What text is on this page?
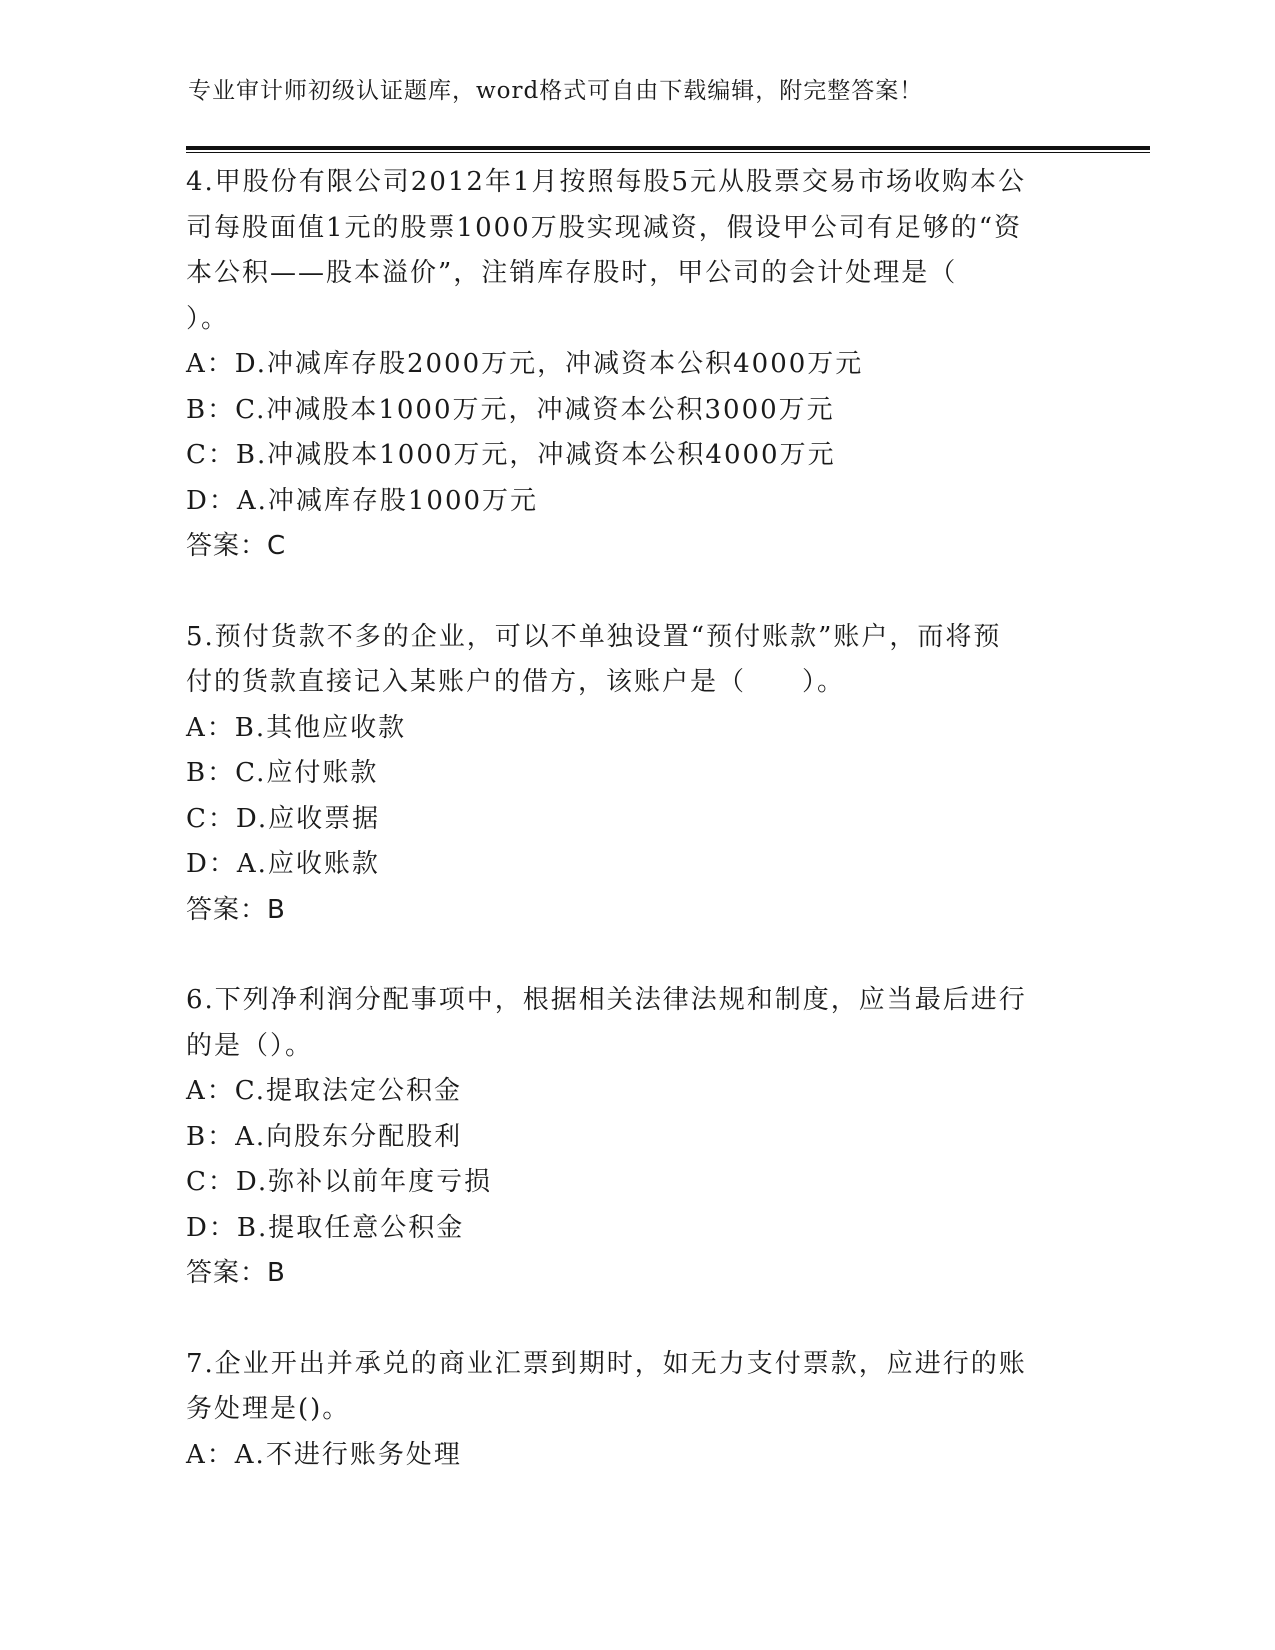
专业审计师初级认证题库，word格式可自由下载编辑，附完整答案！
4.甲股份有限公司2012年1月按照每股5元从股票交易市场收购本公
司每股面值1元的股票1000万股实现减资，假设甲公司有足够的“资
本公积——股本溢价”，注销库存股时，甲公司的会计处理是（
）。
A：D.冲减库存股2000万元，冲减资本公积4000万元
B：C.冲减股本1000万元，冲减资本公积3000万元
C：B.冲减股本1000万元，冲减资本公积4000万元
D：A.冲减库存股1000万元
答案：C
5.预付货款不多的企业，可以不单独设置“预付账款”账户，而将预
付的货款直接记入某账户的借方，该账户是（　　）。
A：B.其他应收款
B：C.应付账款
C：D.应收票据
D：A.应收账款
答案：B
6.下列净利润分配事项中，根据相关法律法规和制度，应当最后进行
的是（）。
A：C.提取法定公积金
B：A.向股东分配股利
C：D.弥补以前年度亏损
D：B.提取任意公积金
答案：B
7.企业开出并承兑的商业汇票到期时，如无力支付票款，应进行的账
务处理是()。
A：A.不进行账务处理
